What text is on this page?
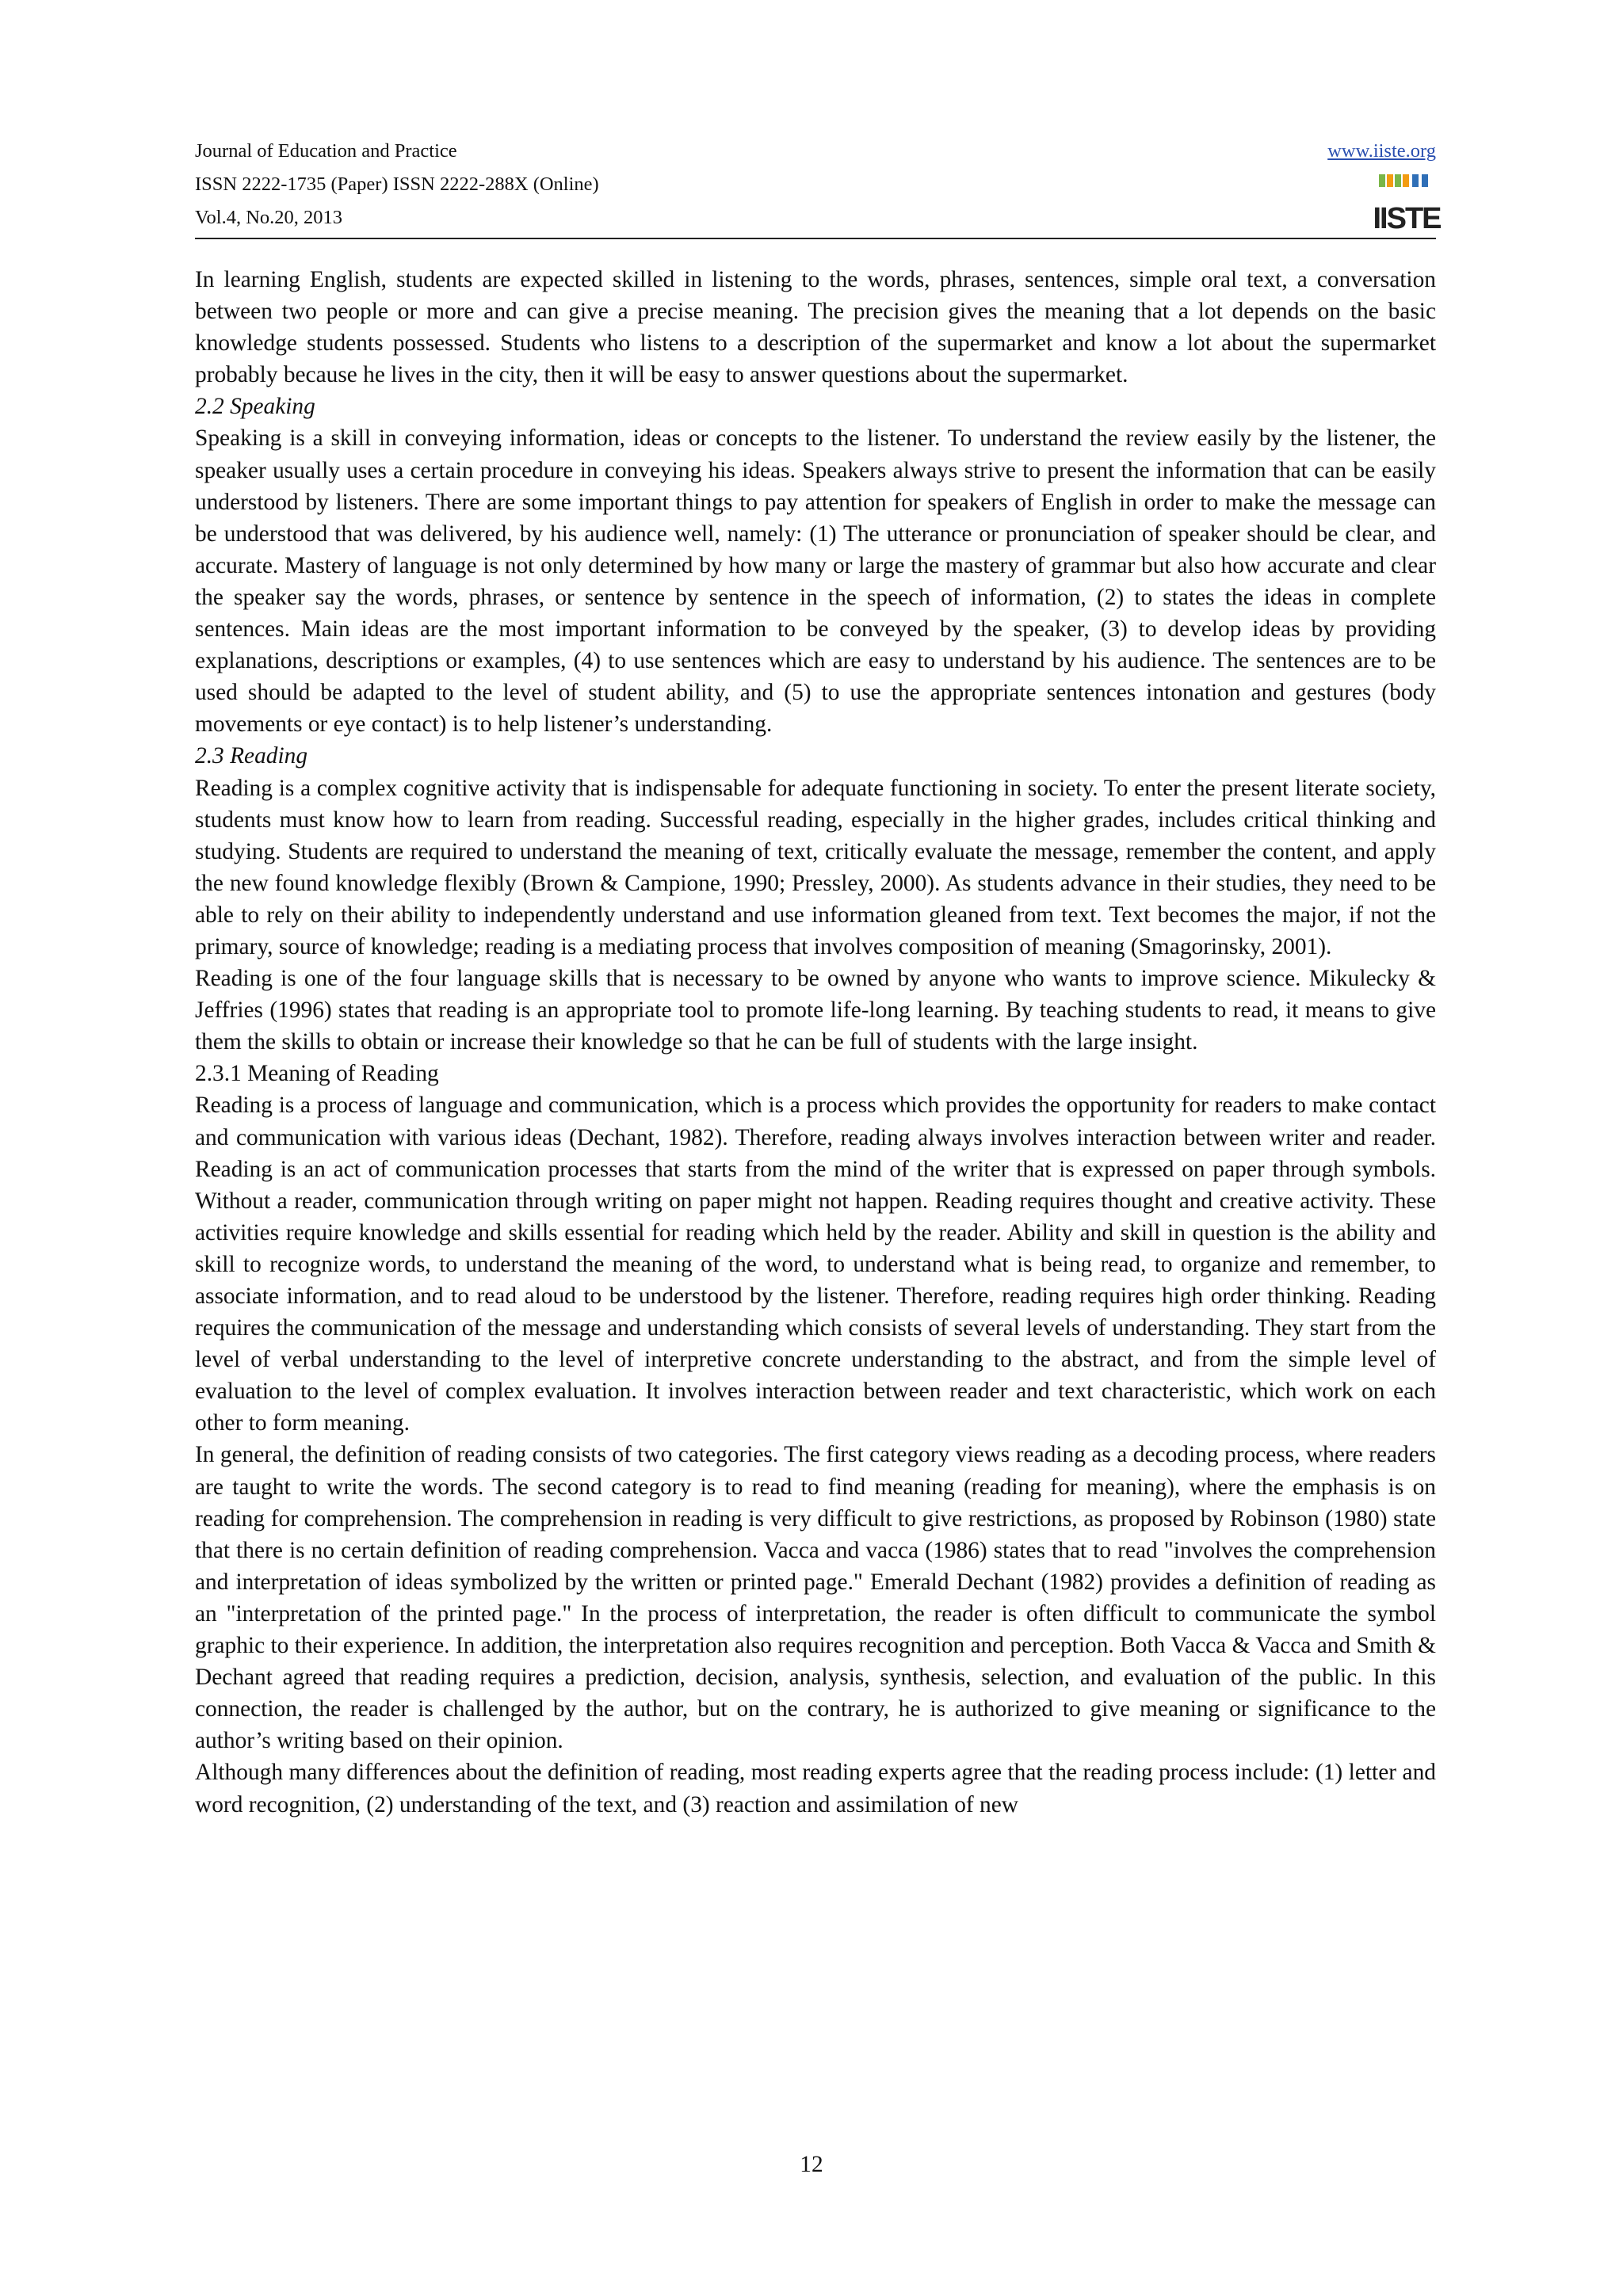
Journal of Education and Practice
ISSN 2222-1735 (Paper) ISSN 2222-288X (Online)
Vol.4, No.20, 2013
www.iiste.org
IISTE

In learning English, students are expected skilled in listening to the words, phrases, sentences, simple oral text, a conversation between two people or more and can give a precise meaning. The precision gives the meaning that a lot depends on the basic knowledge students possessed. Students who listens to a description of the supermarket and know a lot about the supermarket probably because he lives in the city, then it will be easy to answer questions about the supermarket.

2.2 Speaking

Speaking is a skill in conveying information, ideas or concepts to the listener. To understand the review easily by the listener, the speaker usually uses a certain procedure in conveying his ideas. Speakers always strive to present the information that can be easily understood by listeners. There are some important things to pay attention for speakers of English in order to make the message can be understood that was delivered, by his audience well, namely: (1) The utterance or pronunciation of speaker should be clear, and accurate. Mastery of language is not only determined by how many or large the mastery of grammar but also how accurate and clear the speaker say the words, phrases, or sentence by sentence in the speech of information, (2) to states the ideas in complete sentences. Main ideas are the most important information to be conveyed by the speaker, (3) to develop ideas by providing explanations, descriptions or examples, (4) to use sentences which are easy to understand by his audience. The sentences are to be used should be adapted to the level of student ability, and (5) to use the appropriate sentences intonation and gestures (body movements or eye contact) is to help listener’s understanding.

2.3 Reading

Reading is a complex cognitive activity that is indispensable for adequate functioning in society. To enter the present literate society, students must know how to learn from reading. Successful reading, especially in the higher grades, includes critical thinking and studying. Students are required to understand the meaning of text, critically evaluate the message, remember the content, and apply the new found knowledge flexibly (Brown & Campione, 1990; Pressley, 2000). As students advance in their studies, they need to be able to rely on their ability to independently understand and use information gleaned from text. Text becomes the major, if not the primary, source of knowledge; reading is a mediating process that involves composition of meaning (Smagorinsky, 2001).

Reading is one of the four language skills that is necessary to be owned by anyone who wants to improve science. Mikulecky & Jeffries (1996) states that reading is an appropriate tool to promote life-long learning. By teaching students to read, it means to give them the skills to obtain or increase their knowledge so that he can be full of students with the large insight.

2.3.1 Meaning of Reading

Reading is a process of language and communication, which is a process which provides the opportunity for readers to make contact and communication with various ideas (Dechant, 1982). Therefore, reading always involves interaction between writer and reader. Reading is an act of communication processes that starts from the mind of the writer that is expressed on paper through symbols. Without a reader, communication through writing on paper might not happen. Reading requires thought and creative activity. These activities require knowledge and skills essential for reading which held by the reader. Ability and skill in question is the ability and skill to recognize words, to understand the meaning of the word, to understand what is being read, to organize and remember, to associate information, and to read aloud to be understood by the listener. Therefore, reading requires high order thinking. Reading requires the communication of the message and understanding which consists of several levels of understanding. They start from the level of verbal understanding to the level of interpretive concrete understanding to the abstract, and from the simple level of evaluation to the level of complex evaluation. It involves interaction between reader and text characteristic, which work on each other to form meaning.

In general, the definition of reading consists of two categories. The first category views reading as a decoding process, where readers are taught to write the words. The second category is to read to find meaning (reading for meaning), where the emphasis is on reading for comprehension. The comprehension in reading is very difficult to give restrictions, as proposed by Robinson (1980) state that there is no certain definition of reading comprehension. Vacca and vacca (1986) states that to read "involves the comprehension and interpretation of ideas symbolized by the written or printed page." Emerald Dechant (1982) provides a definition of reading as an "interpretation of the printed page." In the process of interpretation, the reader is often difficult to communicate the symbol graphic to their experience. In addition, the interpretation also requires recognition and perception. Both Vacca & Vacca and Smith & Dechant agreed that reading requires a prediction, decision, analysis, synthesis, selection, and evaluation of the public. In this connection, the reader is challenged by the author, but on the contrary, he is authorized to give meaning or significance to the author’s writing based on their opinion.

Although many differences about the definition of reading, most reading experts agree that the reading process include: (1) letter and word recognition, (2) understanding of the text, and (3) reaction and assimilation of new

12
